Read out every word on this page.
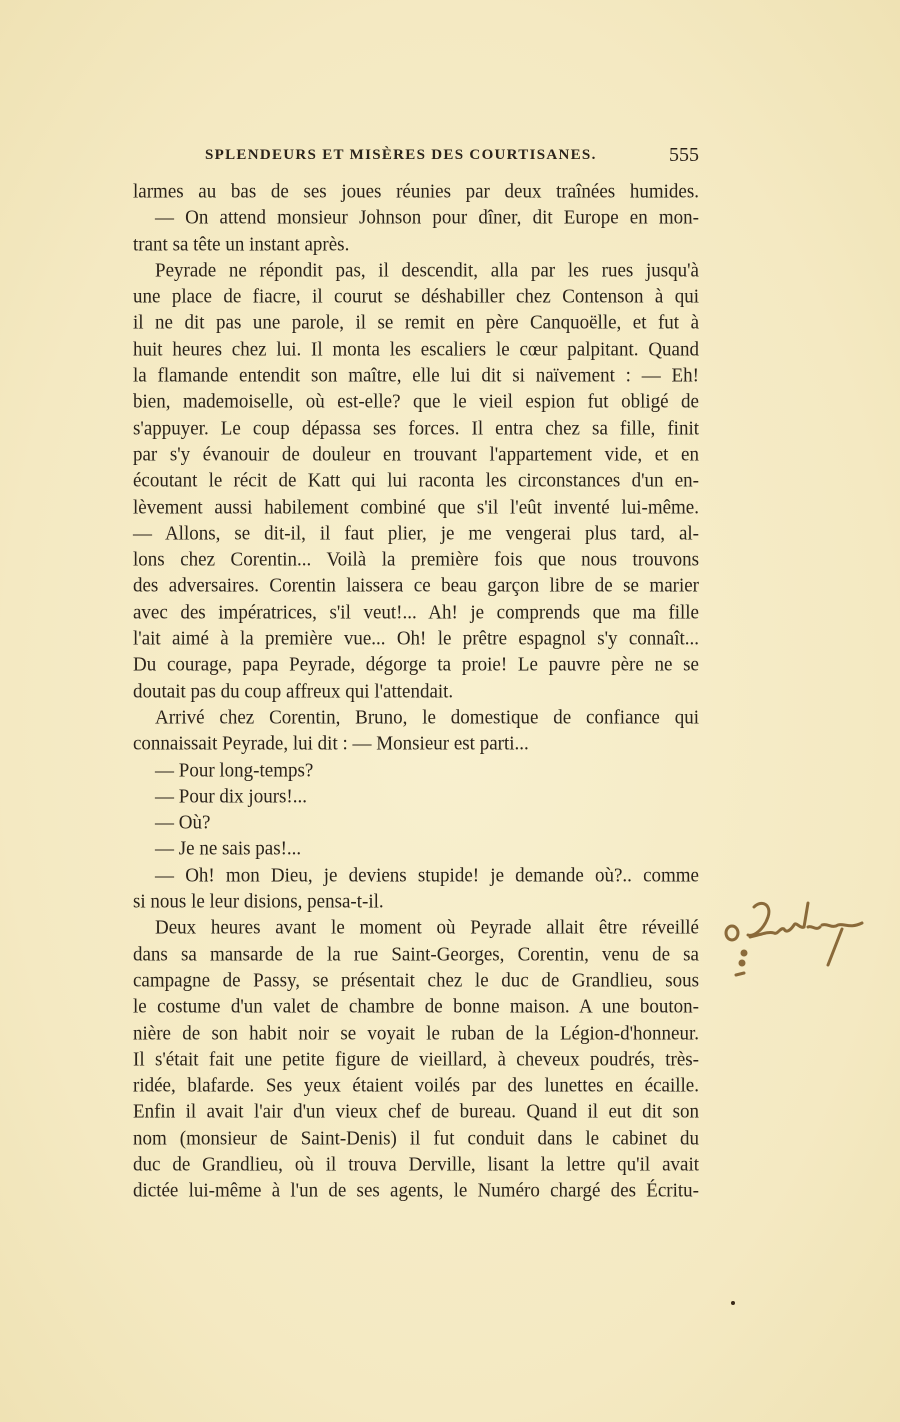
SPLENDEURS ET MISÈRES DES COURTISANES.	555
larmes au bas de ses joues réunies par deux traînées humides.
— On attend monsieur Johnson pour dîner, dit Europe en mon-
trant sa tête un instant après.
Peyrade ne répondit pas, il descendit, alla par les rues jusqu'à
une place de fiacre, il courut se déshabiller chez Contenson à qui
il ne dit pas une parole, il se remit en père Canquoëlle, et fut à
huit heures chez lui. Il monta les escaliers le cœur palpitant. Quand
la flamande entendit son maître, elle lui dit si naïvement : — Eh!
bien, mademoiselle, où est-elle? que le vieil espion fut obligé de
s'appuyer. Le coup dépassa ses forces. Il entra chez sa fille, finit
par s'y évanouir de douleur en trouvant l'appartement vide, et en
écoutant le récit de Katt qui lui raconta les circonstances d'un en-
lèvement aussi habilement combiné que s'il l'eût inventé lui-même.
— Allons, se dit-il, il faut plier, je me vengerai plus tard, al-
lons chez Corentin... Voilà la première fois que nous trouvons
des adversaires. Corentin laissera ce beau garçon libre de se marier
avec des impératrices, s'il veut!... Ah! je comprends que ma fille
l'ait aimé à la première vue... Oh! le prêtre espagnol s'y connaît...
Du courage, papa Peyrade, dégorge ta proie! Le pauvre père ne se
doutait pas du coup affreux qui l'attendait.
Arrivé chez Corentin, Bruno, le domestique de confiance qui
connaissait Peyrade, lui dit : — Monsieur est parti...
— Pour long-temps?
— Pour dix jours!...
— Où?
— Je ne sais pas!...
— Oh! mon Dieu, je deviens stupide! je demande où?.. comme
si nous le leur disions, pensa-t-il.
Deux heures avant le moment où Peyrade allait être réveillé
dans sa mansarde de la rue Saint-Georges, Corentin, venu de sa
campagne de Passy, se présentait chez le duc de Grandlieu, sous
le costume d'un valet de chambre de bonne maison. A une bouton-
nière de son habit noir se voyait le ruban de la Légion-d'honneur.
Il s'était fait une petite figure de vieillard, à cheveux poudrés, très-
ridée, blafarde. Ses yeux étaient voilés par des lunettes en écaille.
Enfin il avait l'air d'un vieux chef de bureau. Quand il eut dit son
nom (monsieur de Saint-Denis) il fut conduit dans le cabinet du
duc de Grandlieu, où il trouva Derville, lisant la lettre qu'il avait
dictée lui-même à l'un de ses agents, le Numéro chargé des Écritu-
